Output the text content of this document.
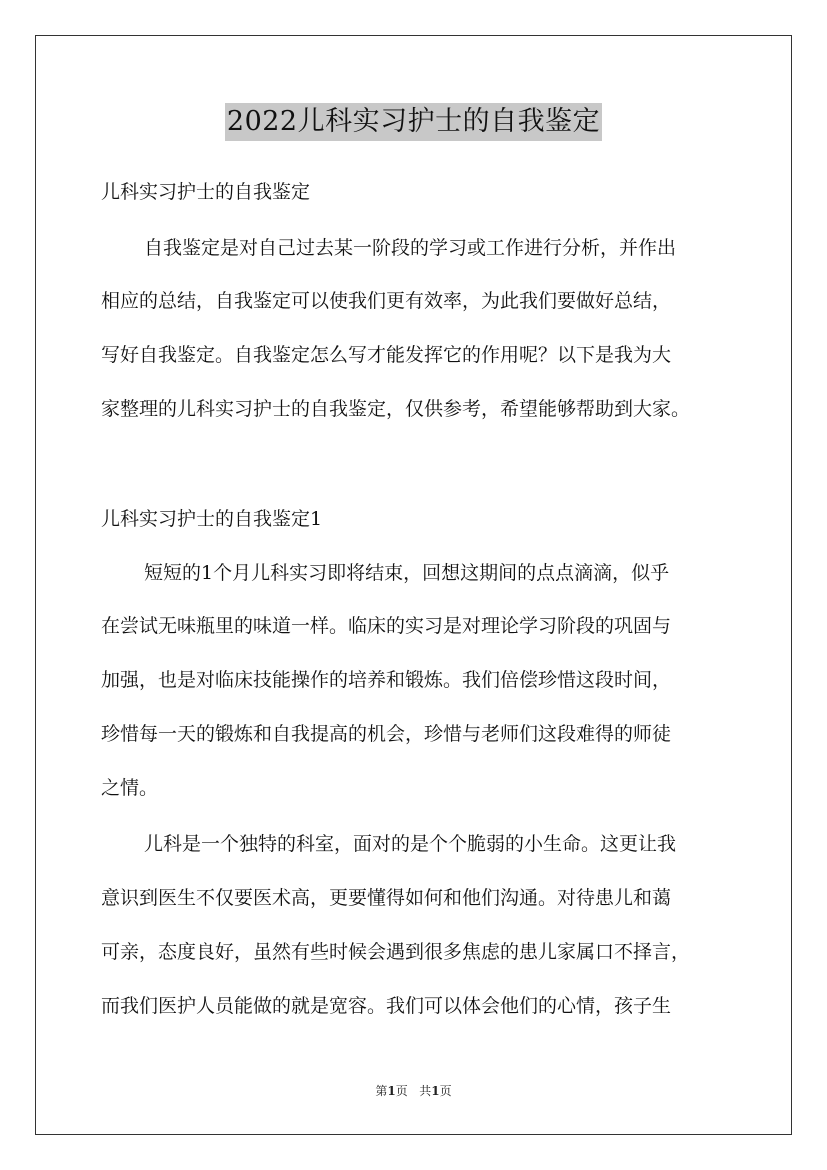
2022儿科实习护士的自我鉴定
儿科实习护士的自我鉴定
自我鉴定是对自己过去某一阶段的学习或工作进行分析，并作出
相应的总结，自我鉴定可以使我们更有效率，为此我们要做好总结，
写好自我鉴定。自我鉴定怎么写才能发挥它的作用呢？以下是我为大
家整理的儿科实习护士的自我鉴定，仅供参考，希望能够帮助到大家。
儿科实习护士的自我鉴定1
短短的1个月儿科实习即将结束，回想这期间的点点滴滴，似乎
在尝试无味瓶里的味道一样。临床的实习是对理论学习阶段的巩固与
加强，也是对临床技能操作的培养和锻炼。我们倍偿珍惜这段时间，
珍惜每一天的锻炼和自我提高的机会，珍惜与老师们这段难得的师徒
之情。
儿科是一个独特的科室，面对的是个个脆弱的小生命。这更让我
意识到医生不仅要医术高，更要懂得如何和他们沟通。对待患儿和蔼
可亲，态度良好，虽然有些时候会遇到很多焦虑的患儿家属口不择言，
而我们医护人员能做的就是宽容。我们可以体会他们的心情，孩子生
第1页 共1页
